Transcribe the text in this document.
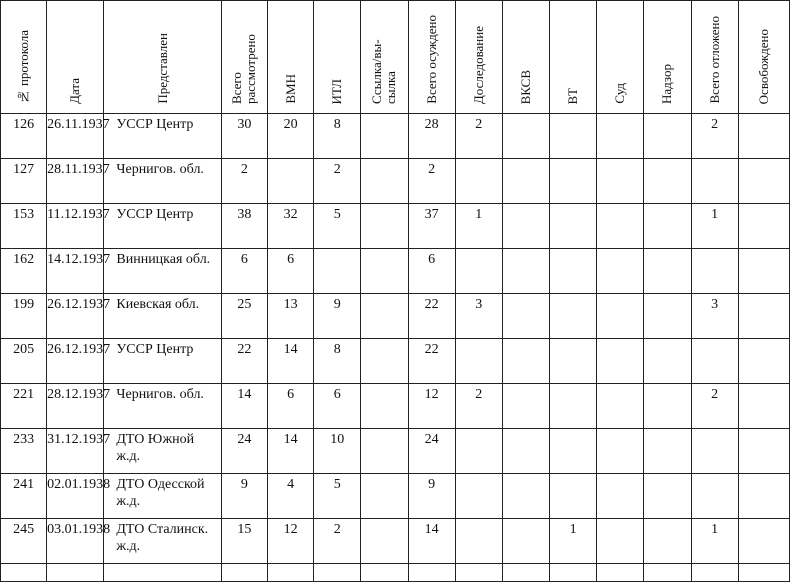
№ протокола	Дата	Представлен	Всего рассмотрено	ВМН	ИТЛ	Ссылка/вы-сылка	Всего осуждено	Доследование	ВКСВ	ВТ	Суд	Надзор	Всего отложено	Освобождено
126	26.11.1937	УССР Центр	30	20	8		28	2					2	
127	28.11.1937	Чернигов. обл.	2		2		2							
153	11.12.1937	УССР Центр	38	32	5		37	1					1	
162	14.12.1937	Винницкая обл.	6	6			6							
199	26.12.1937	Киевская обл.	25	13	9		22	3					3	
205	26.12.1937	УССР Центр	22	14	8		22							
221	28.12.1937	Чернигов. обл.	14	6	6		12	2					2	
233	31.12.1937	ДТО Южной ж.д.	24	14	10		24							
241	02.01.1938	ДТО Одесской ж.д.	9	4	5		9							
245	03.01.1938	ДТО Сталинск. ж.д.	15	12	2		14			1			1	
